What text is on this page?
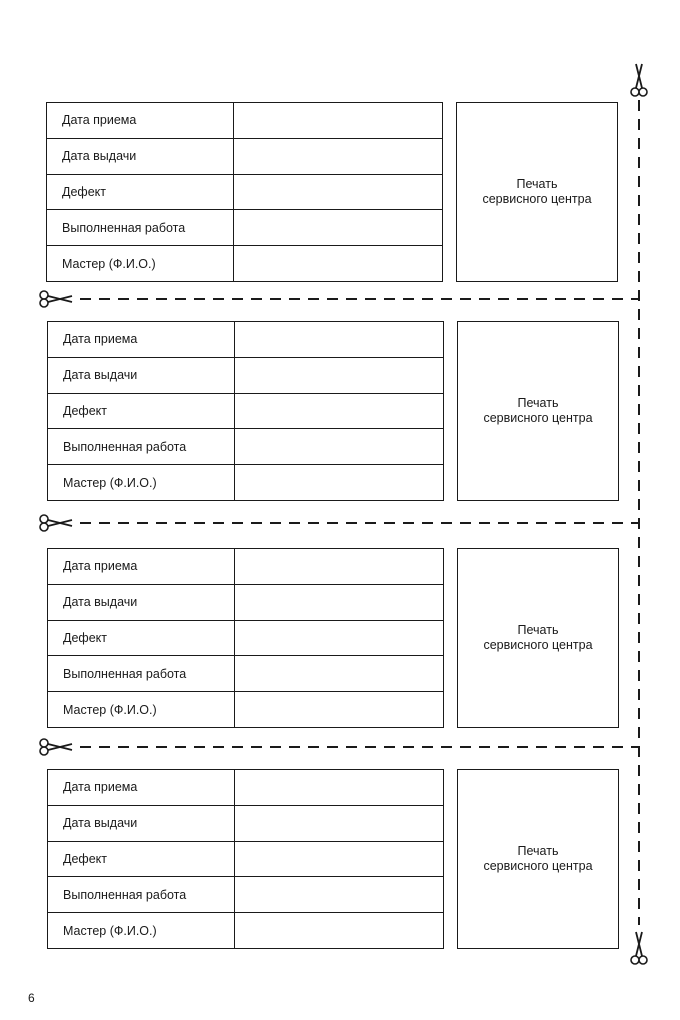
Дата приема	
Дата выдачи	
Дефект	
Выполненная работа	
Мастер (Ф.И.О.)	
Печать
сервисного центра
Дата приема	
Дата выдачи	
Дефект	
Выполненная работа	
Мастер (Ф.И.О.)	
Печать
сервисного центра
Дата приема	
Дата выдачи	
Дефект	
Выполненная работа	
Мастер (Ф.И.О.)	
Печать
сервисного центра
Дата приема	
Дата выдачи	
Дефект	
Выполненная работа	
Мастер (Ф.И.О.)	
Печать
сервисного центра
6
